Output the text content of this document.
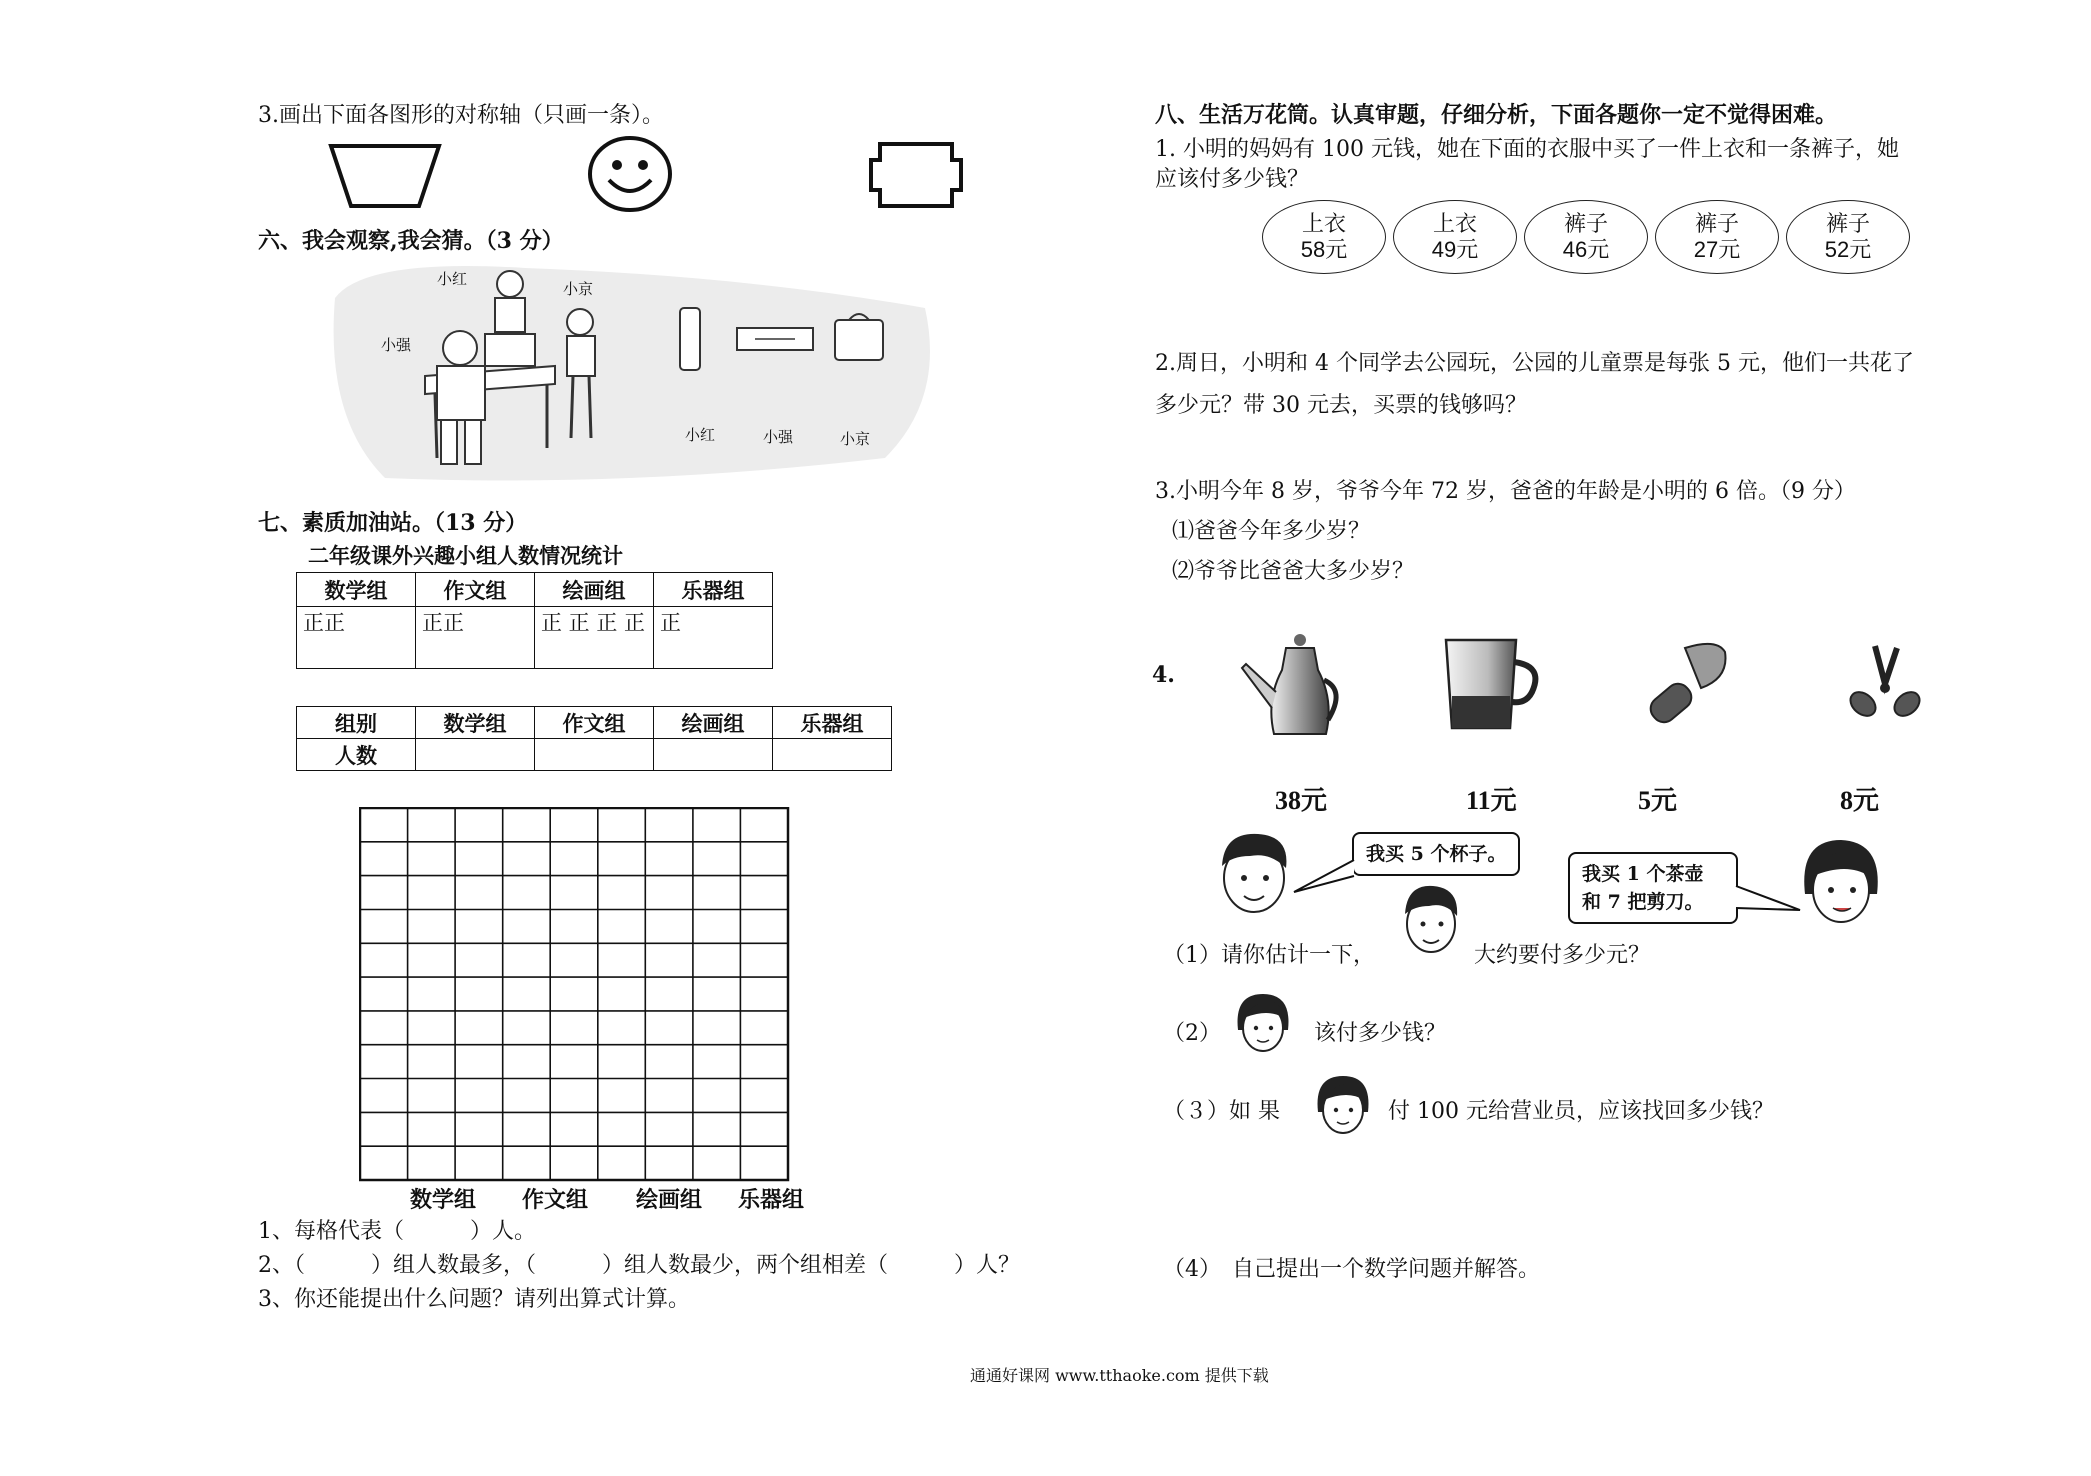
3.画出下面各图形的对称轴（只画一条）。
六、我会观察,我会猜。（3 分）
小红
小京
小强
小红	小强	小京
七、素质加油站。（13 分）
二年级课外兴趣小组人数情况统计
数学组	作文组	绘画组	乐器组
正正	正正	正 正 正 正	正
组别	数学组	作文组	绘画组	乐器组
人数				
数学组 作文组 绘画组 乐器组
1、每格代表（　　　）人。
2、（　　　）组人数最多，（　　　）组人数最少，两个组相差（　　　）人？
3、你还能提出什么问题？请列出算式计算。
八、生活万花筒。认真审题，仔细分析，下面各题你一定不觉得困难。
1. 小明的妈妈有 100 元钱，她在下面的衣服中买了一件上衣和一条裤子，她
应该付多少钱？
上衣
58元
上衣
49元
裤子
46元
裤子
27元
裤子
52元
2.周日，小明和 4 个同学去公园玩，公园的儿童票是每张 5 元，他们一共花了
多少元？带 30 元去，买票的钱够吗？
3.小明今年 8 岁，爷爷今年 72 岁，爸爸的年龄是小明的 6 倍。（9 分）
⑴爸爸今年多少岁？
⑵爷爷比爸爸大多少岁？
4.
38元	11元	5元	8元
我买 5 个杯子。
我买 1 个茶壶
和 7 把剪刀。
（1）请你估计一下，	大约要付多少元？
（2）	该付多少钱？
（３）如 果	付 100 元给营业员，应该找回多少钱？
（4）　自己提出一个数学问题并解答。
通通好课网 www.tthaoke.com 提供下载
